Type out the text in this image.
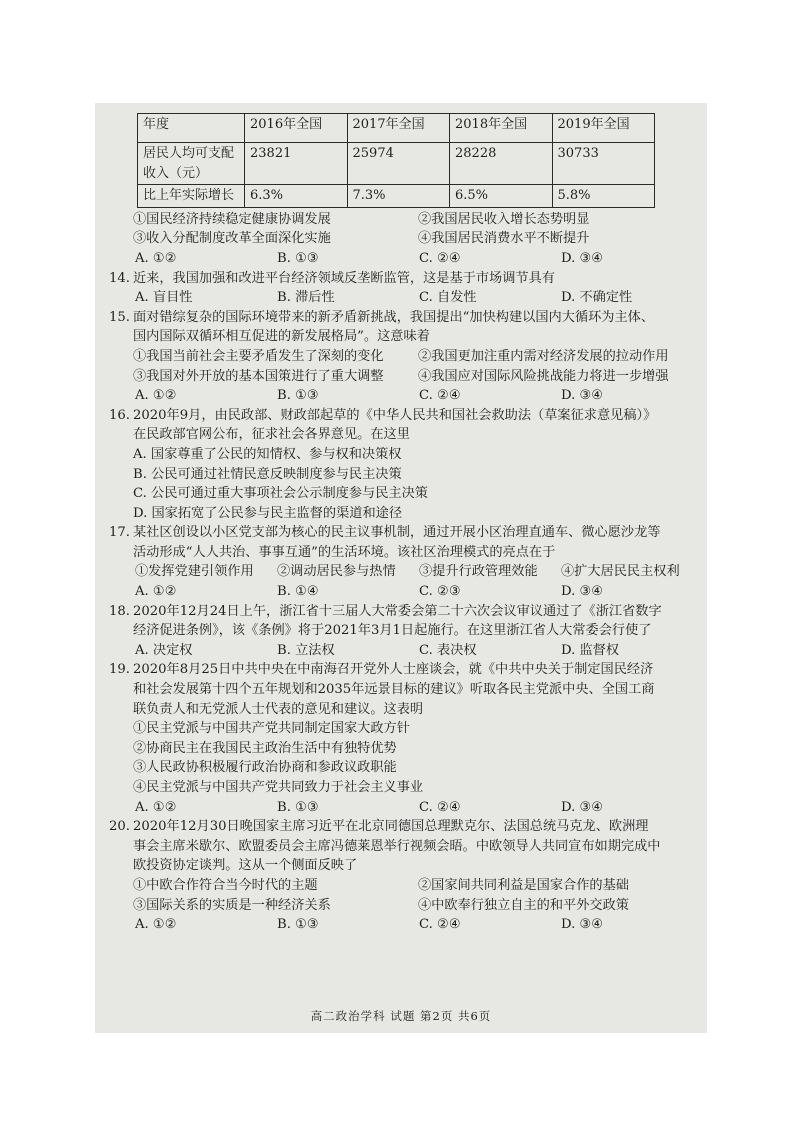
年度	2016年全国	2017年全国	2018年全国	2019年全国
居民人均可支配收入（元）	23821	25974	28228	30733
比上年实际增长	6.3%	7.3%	6.5%	5.8%
①国民经济持续稳定健康协调发展	②我国居民收入增长态势明显
③收入分配制度改革全面深化实施	④我国居民消费水平不断提升
A. ①②	B. ①③	C. ②④	D. ③④
14. 近来，我国加强和改进平台经济领域反垄断监管，这是基于市场调节具有
A. 盲目性	B. 滞后性	C. 自发性	D. 不确定性
15. 面对错综复杂的国际环境带来的新矛盾新挑战，我国提出“加快构建以国内大循环为主体、
国内国际双循环相互促进的新发展格局”。这意味着
①我国当前社会主要矛盾发生了深刻的变化	②我国更加注重内需对经济发展的拉动作用
③我国对外开放的基本国策进行了重大调整	④我国应对国际风险挑战能力将进一步增强
A. ①②	B. ①③	C. ②④	D. ③④
16. 2020年9月，由民政部、财政部起草的《中华人民共和国社会救助法（草案征求意见稿）》
在民政部官网公布，征求社会各界意见。在这里
A. 国家尊重了公民的知情权、参与权和决策权
B. 公民可通过社情民意反映制度参与民主决策
C. 公民可通过重大事项社会公示制度参与民主决策
D. 国家拓宽了公民参与民主监督的渠道和途径
17. 某社区创设以小区党支部为核心的民主议事机制，通过开展小区治理直通车、微心愿沙龙等
活动形成“人人共治、事事互通”的生活环境。该社区治理模式的亮点在于
①发挥党建引领作用	②调动居民参与热情	③提升行政管理效能	④扩大居民民主权利
A. ①②	B. ①④	C. ②③	D. ③④
18. 2020年12月24日上午，浙江省十三届人大常委会第二十六次会议审议通过了《浙江省数字
经济促进条例》，该《条例》将于2021年3月1日起施行。在这里浙江省人大常委会行使了
A. 决定权	B. 立法权	C. 表决权	D. 监督权
19. 2020年8月25日中共中央在中南海召开党外人士座谈会，就《中共中央关于制定国民经济
和社会发展第十四个五年规划和2035年远景目标的建议》听取各民主党派中央、全国工商
联负责人和无党派人士代表的意见和建议。这表明
①民主党派与中国共产党共同制定国家大政方针
②协商民主在我国民主政治生活中有独特优势
③人民政协积极履行政治协商和参政议政职能
④民主党派与中国共产党共同致力于社会主义事业
A. ①②	B. ①③	C. ②④	D. ③④
20. 2020年12月30日晚国家主席习近平在北京同德国总理默克尔、法国总统马克龙、欧洲理
事会主席米歇尔、欧盟委员会主席冯德莱恩举行视频会晤。中欧领导人共同宣布如期完成中
欧投资协定谈判。这从一个侧面反映了
①中欧合作符合当今时代的主题	②国家间共同利益是国家合作的基础
③国际关系的实质是一种经济关系	④中欧奉行独立自主的和平外交政策
A. ①②	B. ①③	C. ②④	D. ③④
高二政治学科 试题 第2页 共6页
